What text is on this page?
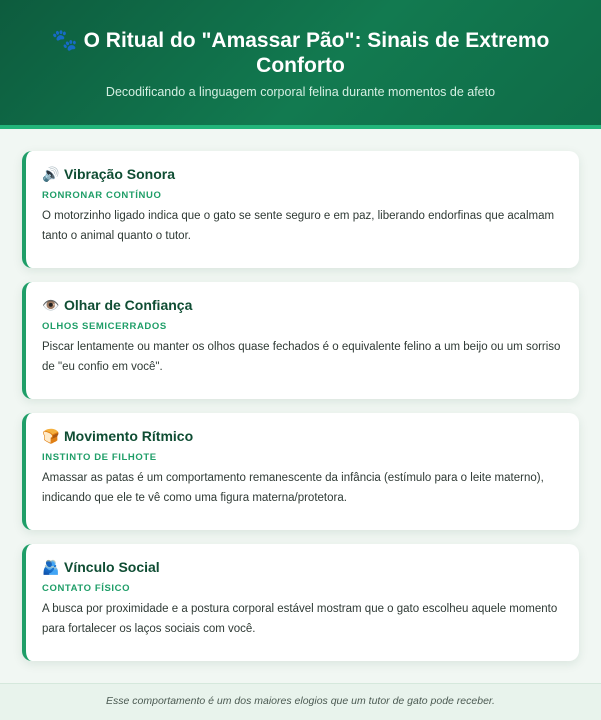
🐾 O Ritual do "Amassar Pão": Sinais de Extremo Conforto

Decodificando a linguagem corporal felina durante momentos de afeto

🔊 Vibração Sonora
RONRONAR CONTÍNUO

O motorzinho ligado indica que o gato se sente seguro e em paz, liberando endorfinas que acalmam tanto o animal quanto o tutor.

👁️ Olhar de Confiança
OLHOS SEMICERRADOS

Piscar lentamente ou manter os olhos quase fechados é o equivalente felino a um beijo ou um sorriso de "eu confio em você".

🍞 Movimento Rítmico
INSTINTO DE FILHOTE

Amassar as patas é um comportamento remanescente da infância (estímulo para o leite materno), indicando que ele te vê como uma figura materna/protetora.

🫂 Vínculo Social
CONTATO FÍSICO

A busca por proximidade e a postura corporal estável mostram que o gato escolheu aquele momento para fortalecer os laços sociais com você.

Esse comportamento é um dos maiores elogios que um tutor de gato pode receber.
